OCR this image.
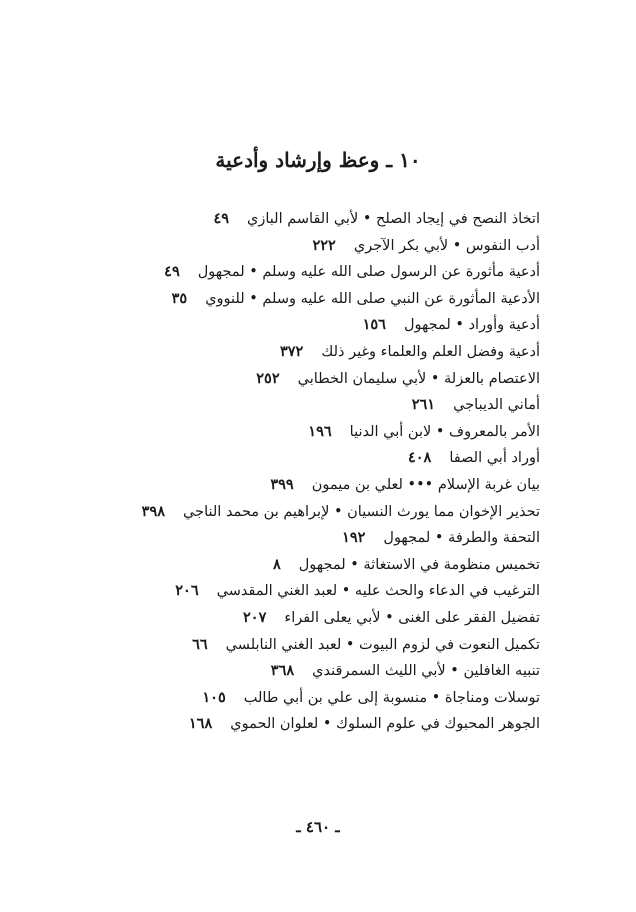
١٠ ـ وعظ وإرشاد وأدعية
اتخاذ النصح في إيجاد الصلح • لأبي القاسم البازي٤٩
أدب النفوس • لأبي بكر الآجري٢٢٢
أدعية مأثورة عن الرسول صلى الله عليه وسلم • لمجهول٤٩
الأدعية المأثورة عن النبي صلى الله عليه وسلم • للنووي٣٥
أدعية وأوراد • لمجهول١٥٦
أدعية وفضل العلم والعلماء وغير ذلك٣٧٢
الاعتصام بالعزلة • لأبي سليمان الخطابي٢٥٢
أماني الديباجي٢٦١
الأمر بالمعروف • لابن أبي الدنيا١٩٦
أوراد أبي الصفا٤٠٨
بيان غربة الإسلام ••• لعلي بن ميمون٣٩٩
تحذير الإخوان مما يورث النسيان • لإبراهيم بن محمد الناجي٣٩٨
التحفة والطرفة • لمجهول١٩٢
تخميس منظومة في الاستغاثة • لمجهول٨
الترغيب في الدعاء والحث عليه • لعبد الغني المقدسي٢٠٦
تفضيل الفقر على الغنى • لأبي يعلى الفراء٢٠٧
تكميل النعوت في لزوم البيوت • لعبد الغني النابلسي٦٦
تنبيه الغافلين • لأبي الليث السمرقندي٣٦٨
توسلات ومناجاة • منسوبة إلى علي بن أبي طالب١٠٥
الجوهر المحبوك في علوم السلوك • لعلوان الحموي١٦٨
ـ ٤٦٠ ـ
